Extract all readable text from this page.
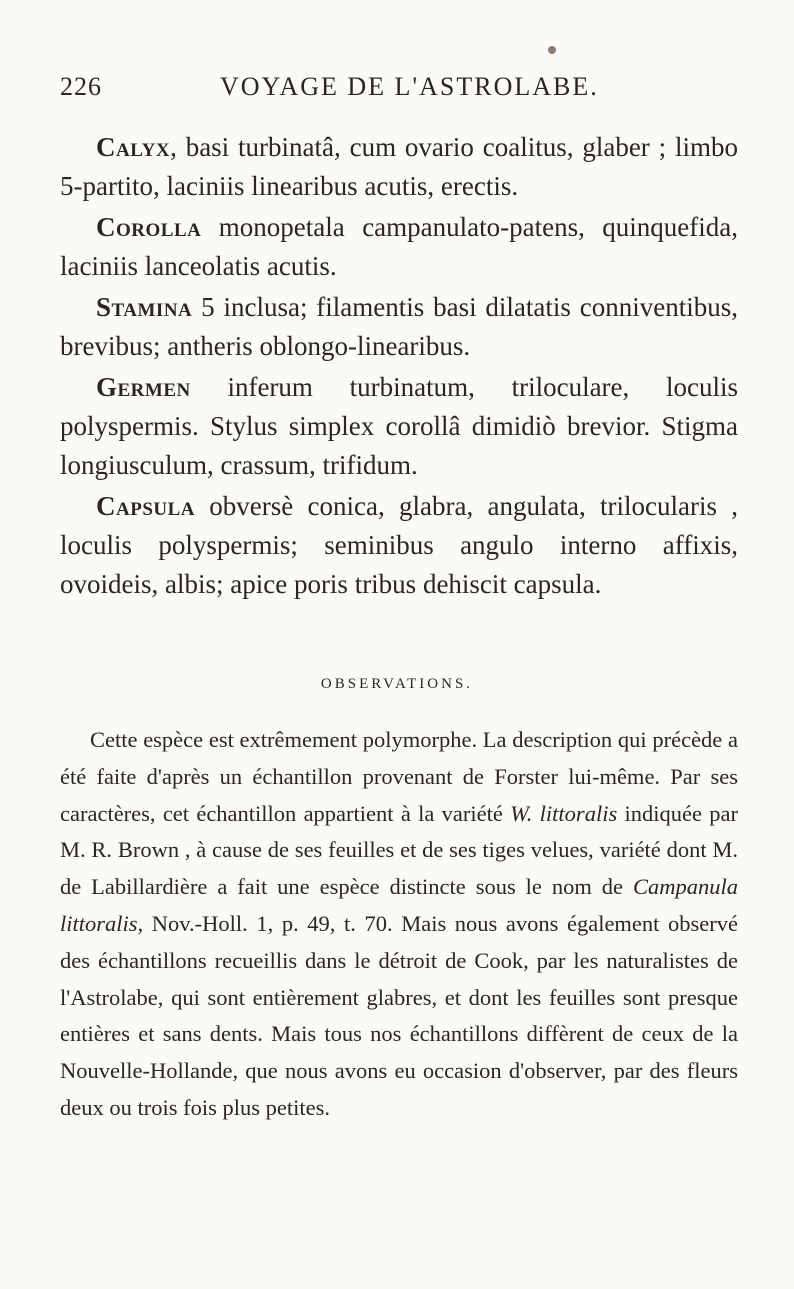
226	VOYAGE DE L'ASTROLABE.

Calyx, basi turbinatâ, cum ovario coalitus, glaber ; limbo 5-partito, laciniis linearibus acutis, erectis.

Corolla monopetala campanulato-patens, quinquefida, laciniis lanceolatis acutis.

Stamina 5 inclusa; filamentis basi dilatatis conniventibus, brevibus; antheris oblongo-linearibus.

Germen inferum turbinatum, triloculare, loculis polyspermis. Stylus simplex corollâ dimidiò brevior. Stigma longiusculum, crassum, trifidum.

Capsula obversè conica, glabra, angulata, trilocularis , loculis polyspermis; seminibus angulo interno affixis, ovoideis, albis; apice poris tribus dehiscit capsula.

OBSERVATIONS.

Cette espèce est extrêmement polymorphe. La description qui précède a été faite d'après un échantillon provenant de Forster lui-même. Par ses caractères, cet échantillon appartient à la variété W. littoralis indiquée par M. R. Brown , à cause de ses feuilles et de ses tiges velues, variété dont M. de Labillardière a fait une espèce distincte sous le nom de Campanula littoralis, Nov.-Holl. 1, p. 49, t. 70. Mais nous avons également observé des échantillons recueillis dans le détroit de Cook, par les naturalistes de l'Astrolabe, qui sont entièrement glabres, et dont les feuilles sont presque entières et sans dents. Mais tous nos échantillons diffèrent de ceux de la Nouvelle-Hollande, que nous avons eu occasion d'observer, par des fleurs deux ou trois fois plus petites.
